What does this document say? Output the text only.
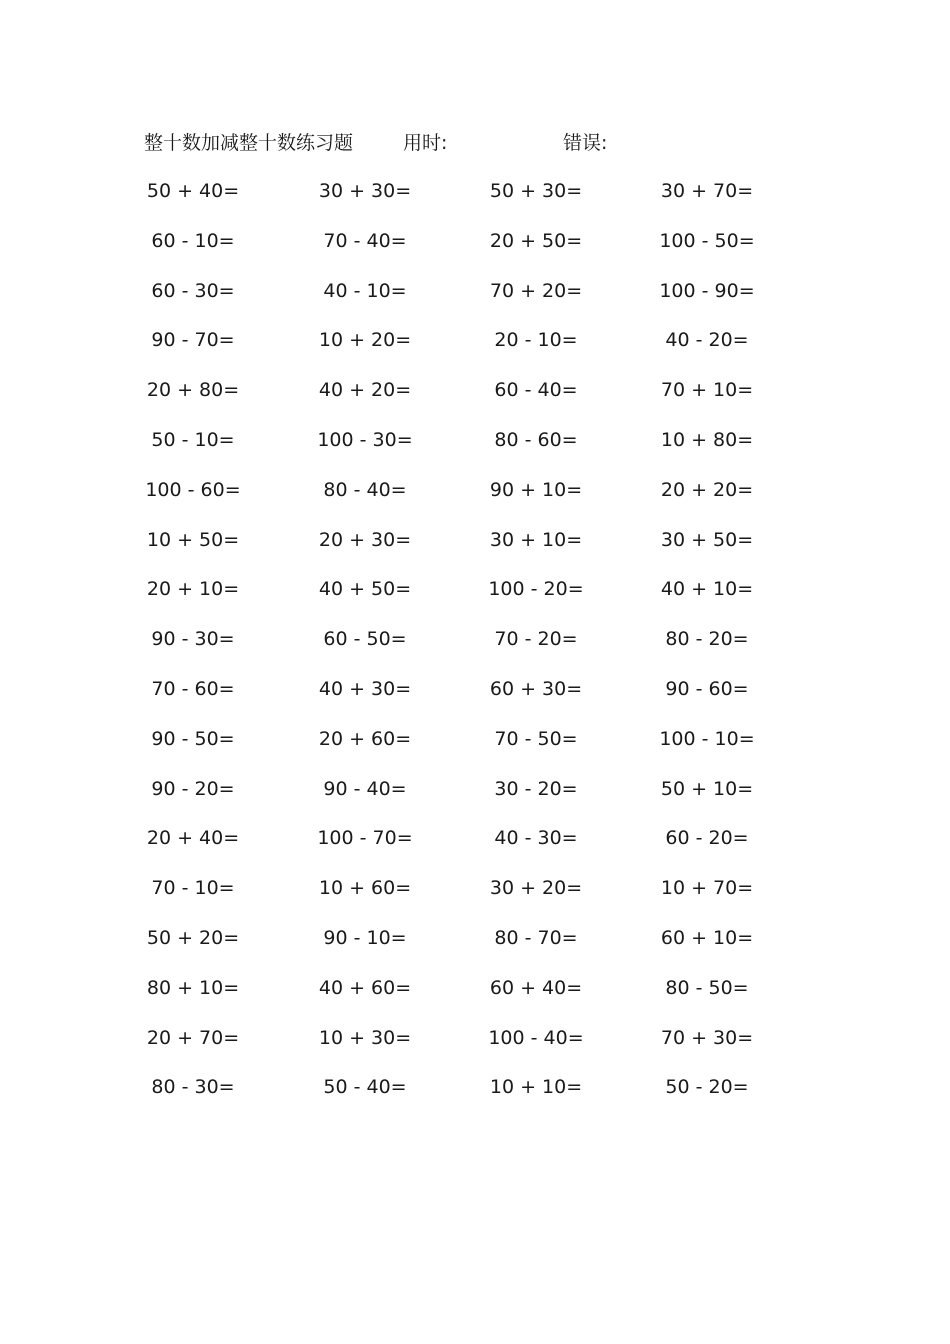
整十数加减整十数练习题	用时:	错误:
50 + 40=	30 + 30=	50 + 30=	30 + 70=
60 - 10=	70 - 40=	20 + 50=	100 - 50=
60 - 30=	40 - 10=	70 + 20=	100 - 90=
90 - 70=	10 + 20=	20 - 10=	40 - 20=
20 + 80=	40 + 20=	60 - 40=	70 + 10=
50 - 10=	100 - 30=	80 - 60=	10 + 80=
100 - 60=	80 - 40=	90 + 10=	20 + 20=
10 + 50=	20 + 30=	30 + 10=	30 + 50=
20 + 10=	40 + 50=	100 - 20=	40 + 10=
90 - 30=	60 - 50=	70 - 20=	80 - 20=
70 - 60=	40 + 30=	60 + 30=	90 - 60=
90 - 50=	20 + 60=	70 - 50=	100 - 10=
90 - 20=	90 - 40=	30 - 20=	50 + 10=
20 + 40=	100 - 70=	40 - 30=	60 - 20=
70 - 10=	10 + 60=	30 + 20=	10 + 70=
50 + 20=	90 - 10=	80 - 70=	60 + 10=
80 + 10=	40 + 60=	60 + 40=	80 - 50=
20 + 70=	10 + 30=	100 - 40=	70 + 30=
80 - 30=	50 - 40=	10 + 10=	50 - 20=
